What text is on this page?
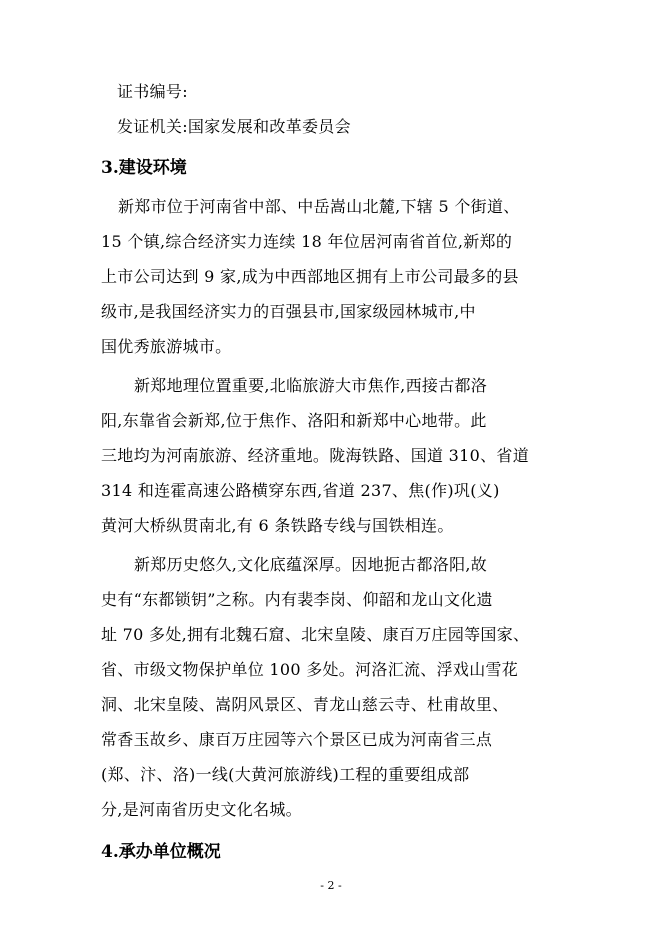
证书编号:
发证机关:国家发展和改革委员会
3.建设环境
新郑市位于河南省中部、中岳嵩山北麓,下辖 5 个街道、
15 个镇,综合经济实力连续 18 年位居河南省首位,新郑的
上市公司达到 9 家,成为中西部地区拥有上市公司最多的县
级市,是我国经济实力的百强县市,国家级园林城市,中
国优秀旅游城市。
新郑地理位置重要,北临旅游大市焦作,西接古都洛
阳,东靠省会新郑,位于焦作、洛阳和新郑中心地带。此
三地均为河南旅游、经济重地。陇海铁路、国道 310、省道
314 和连霍高速公路横穿东西,省道 237、焦(作)巩(义)
黄河大桥纵贯南北,有 6 条铁路专线与国铁相连。
新郑历史悠久,文化底蕴深厚。因地扼古都洛阳,故
史有“东都锁钥”之称。内有裴李岗、仰韶和龙山文化遗
址 70 多处,拥有北魏石窟、北宋皇陵、康百万庄园等国家、
省、市级文物保护单位 100 多处。河洛汇流、浮戏山雪花
洞、北宋皇陵、嵩阴风景区、青龙山慈云寺、杜甫故里、
常香玉故乡、康百万庄园等六个景区已成为河南省三点
(郑、汴、洛)一线(大黄河旅游线)工程的重要组成部
分,是河南省历史文化名城。
4.承办单位概况
- 2 -
